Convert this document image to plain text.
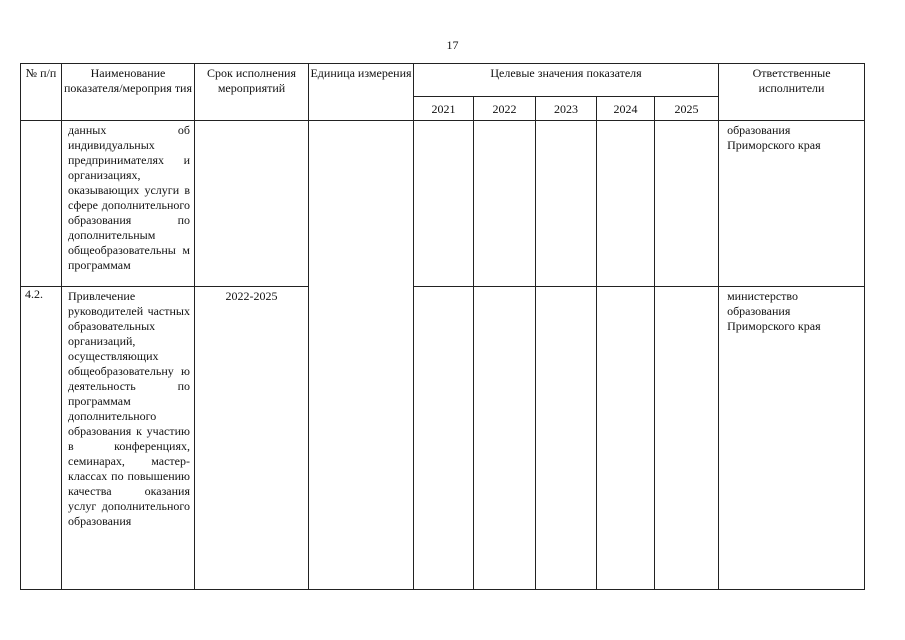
17
№ п/п	Наименование показателя/мероприя тия	Срок исполнения мероприятий	Единица измерения	Целевые значения показателя					Ответственные исполнители
				2021	2022	2023	2024	2025	
	данных об индивидуальных предпринимателях и организациях, оказывающих услуги в сфере дополнительного образования по дополнительным общеобразовательны м программам								образования Приморского края
4.2.	Привлечение руководителей частных образовательных организаций, осуществляющих общеобразовательну ю деятельность по программам дополнительного образования к участию в конференциях, семинарах, мастер-классах по повышению качества оказания услуг дополнительного образования	2022-2025							министерство образования Приморского края
